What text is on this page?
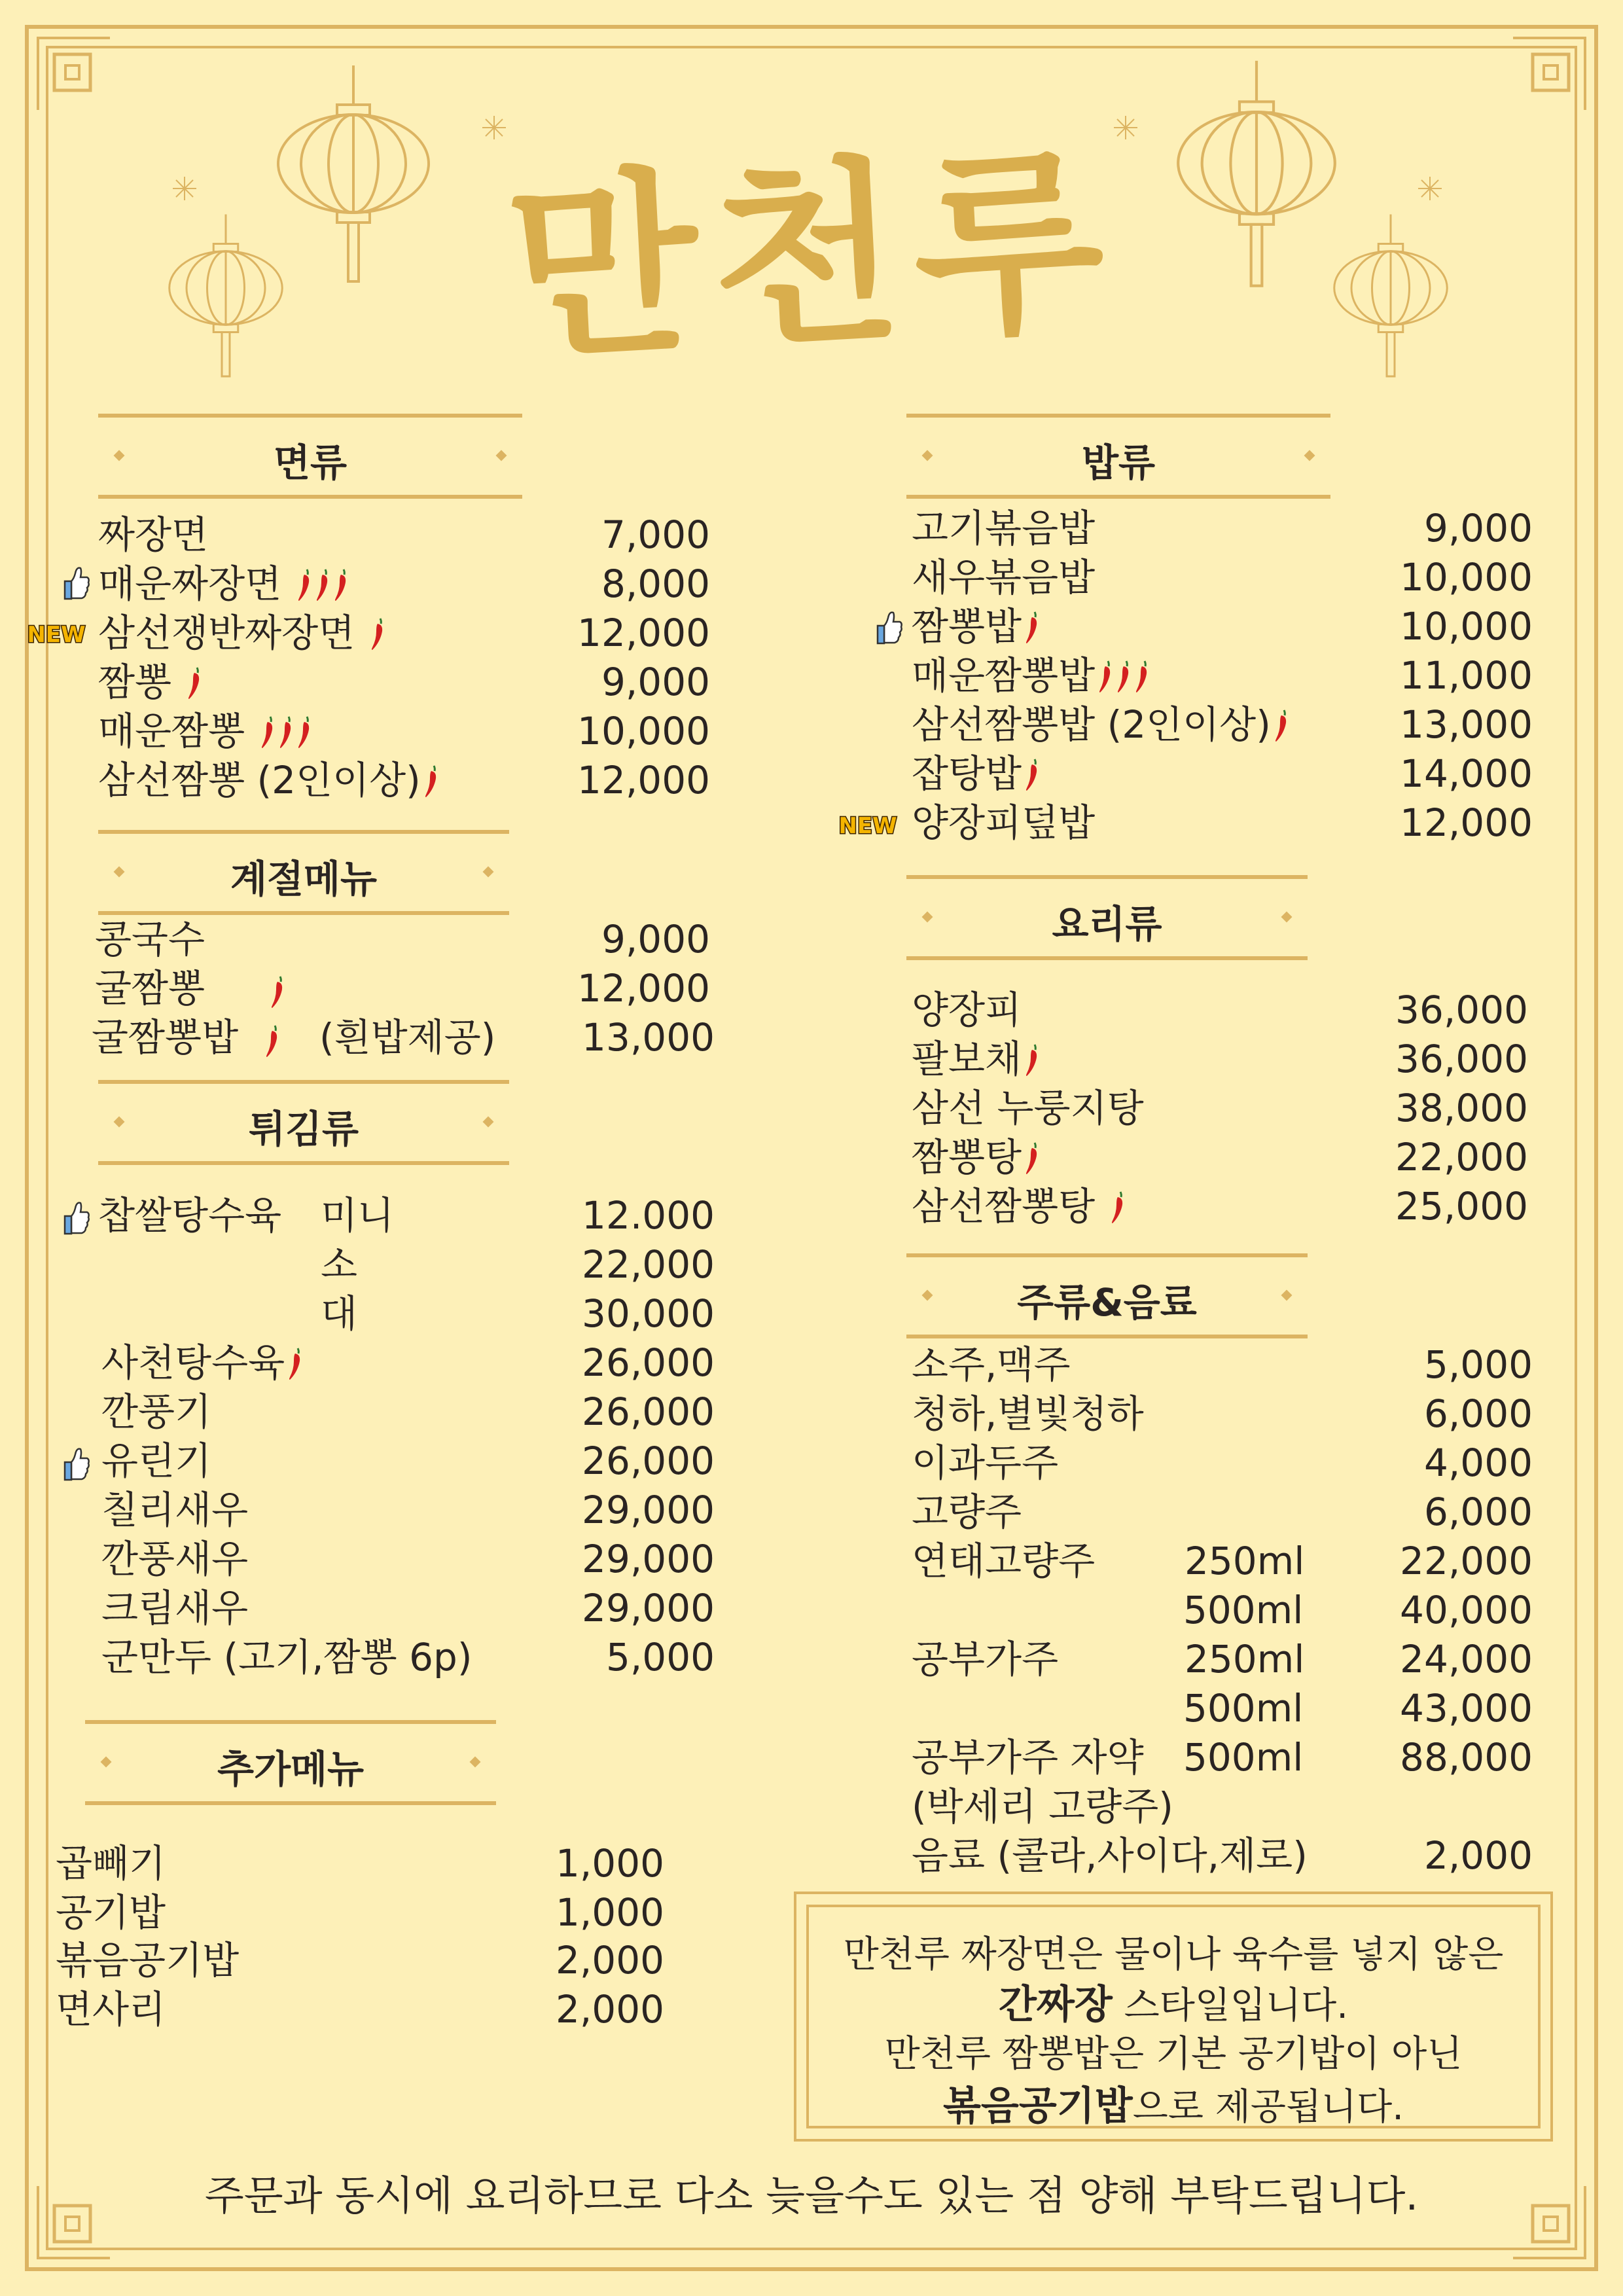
만천루
면류
짜장면	7,000
매운짜장면	8,000
삼선쟁반짜장면	12,000
짬뽕	9,000
매운짬뽕	10,000
삼선짬뽕 (2인이상)	12,000
계절메뉴
콩국수	9,000
굴짬뽕	12,000
굴짬뽕밥 (흰밥제공)	13,000
튀김류
찹쌀탕수육 미니	12.000
소	22,000
대	30,000
사천탕수육	26,000
깐풍기	26,000
유린기	26,000
칠리새우	29,000
깐풍새우	29,000
크림새우	29,000
군만두 (고기,짬뽕 6p)	5,000
추가메뉴
곱빼기	1,000
공기밥	1,000
볶음공기밥	2,000
면사리	2,000
밥류
고기볶음밥	9,000
새우볶음밥	10,000
짬뽕밥	10,000
매운짬뽕밥	11,000
삼선짬뽕밥 (2인이상)	13,000
잡탕밥	14,000
양장피덮밥	12,000
요리류
양장피	36,000
팔보채	36,000
삼선 누룽지탕	38,000
짬뽕탕	22,000
삼선짬뽕탕	25,000
주류&음료
소주,맥주	5,000
청하,별빛청하	6,000
이과두주	4,000
고량주	6,000
연태고량주 250ml	22,000
500ml	40,000
공부가주	250ml	24,000
500ml	43,000
공부가주 자약 500ml	88,000
(박세리 고량주)
음료 (콜라,사이다,제로)	2,000
만천루 짜장면은 물이나 육수를 넣지 않은
간짜장 스타일입니다.
만천루 짬뽕밥은 기본 공기밥이 아닌
볶음공기밥으로 제공됩니다.
주문과 동시에 요리하므로 다소 늦을수도 있는 점 양해 부탁드립니다.
